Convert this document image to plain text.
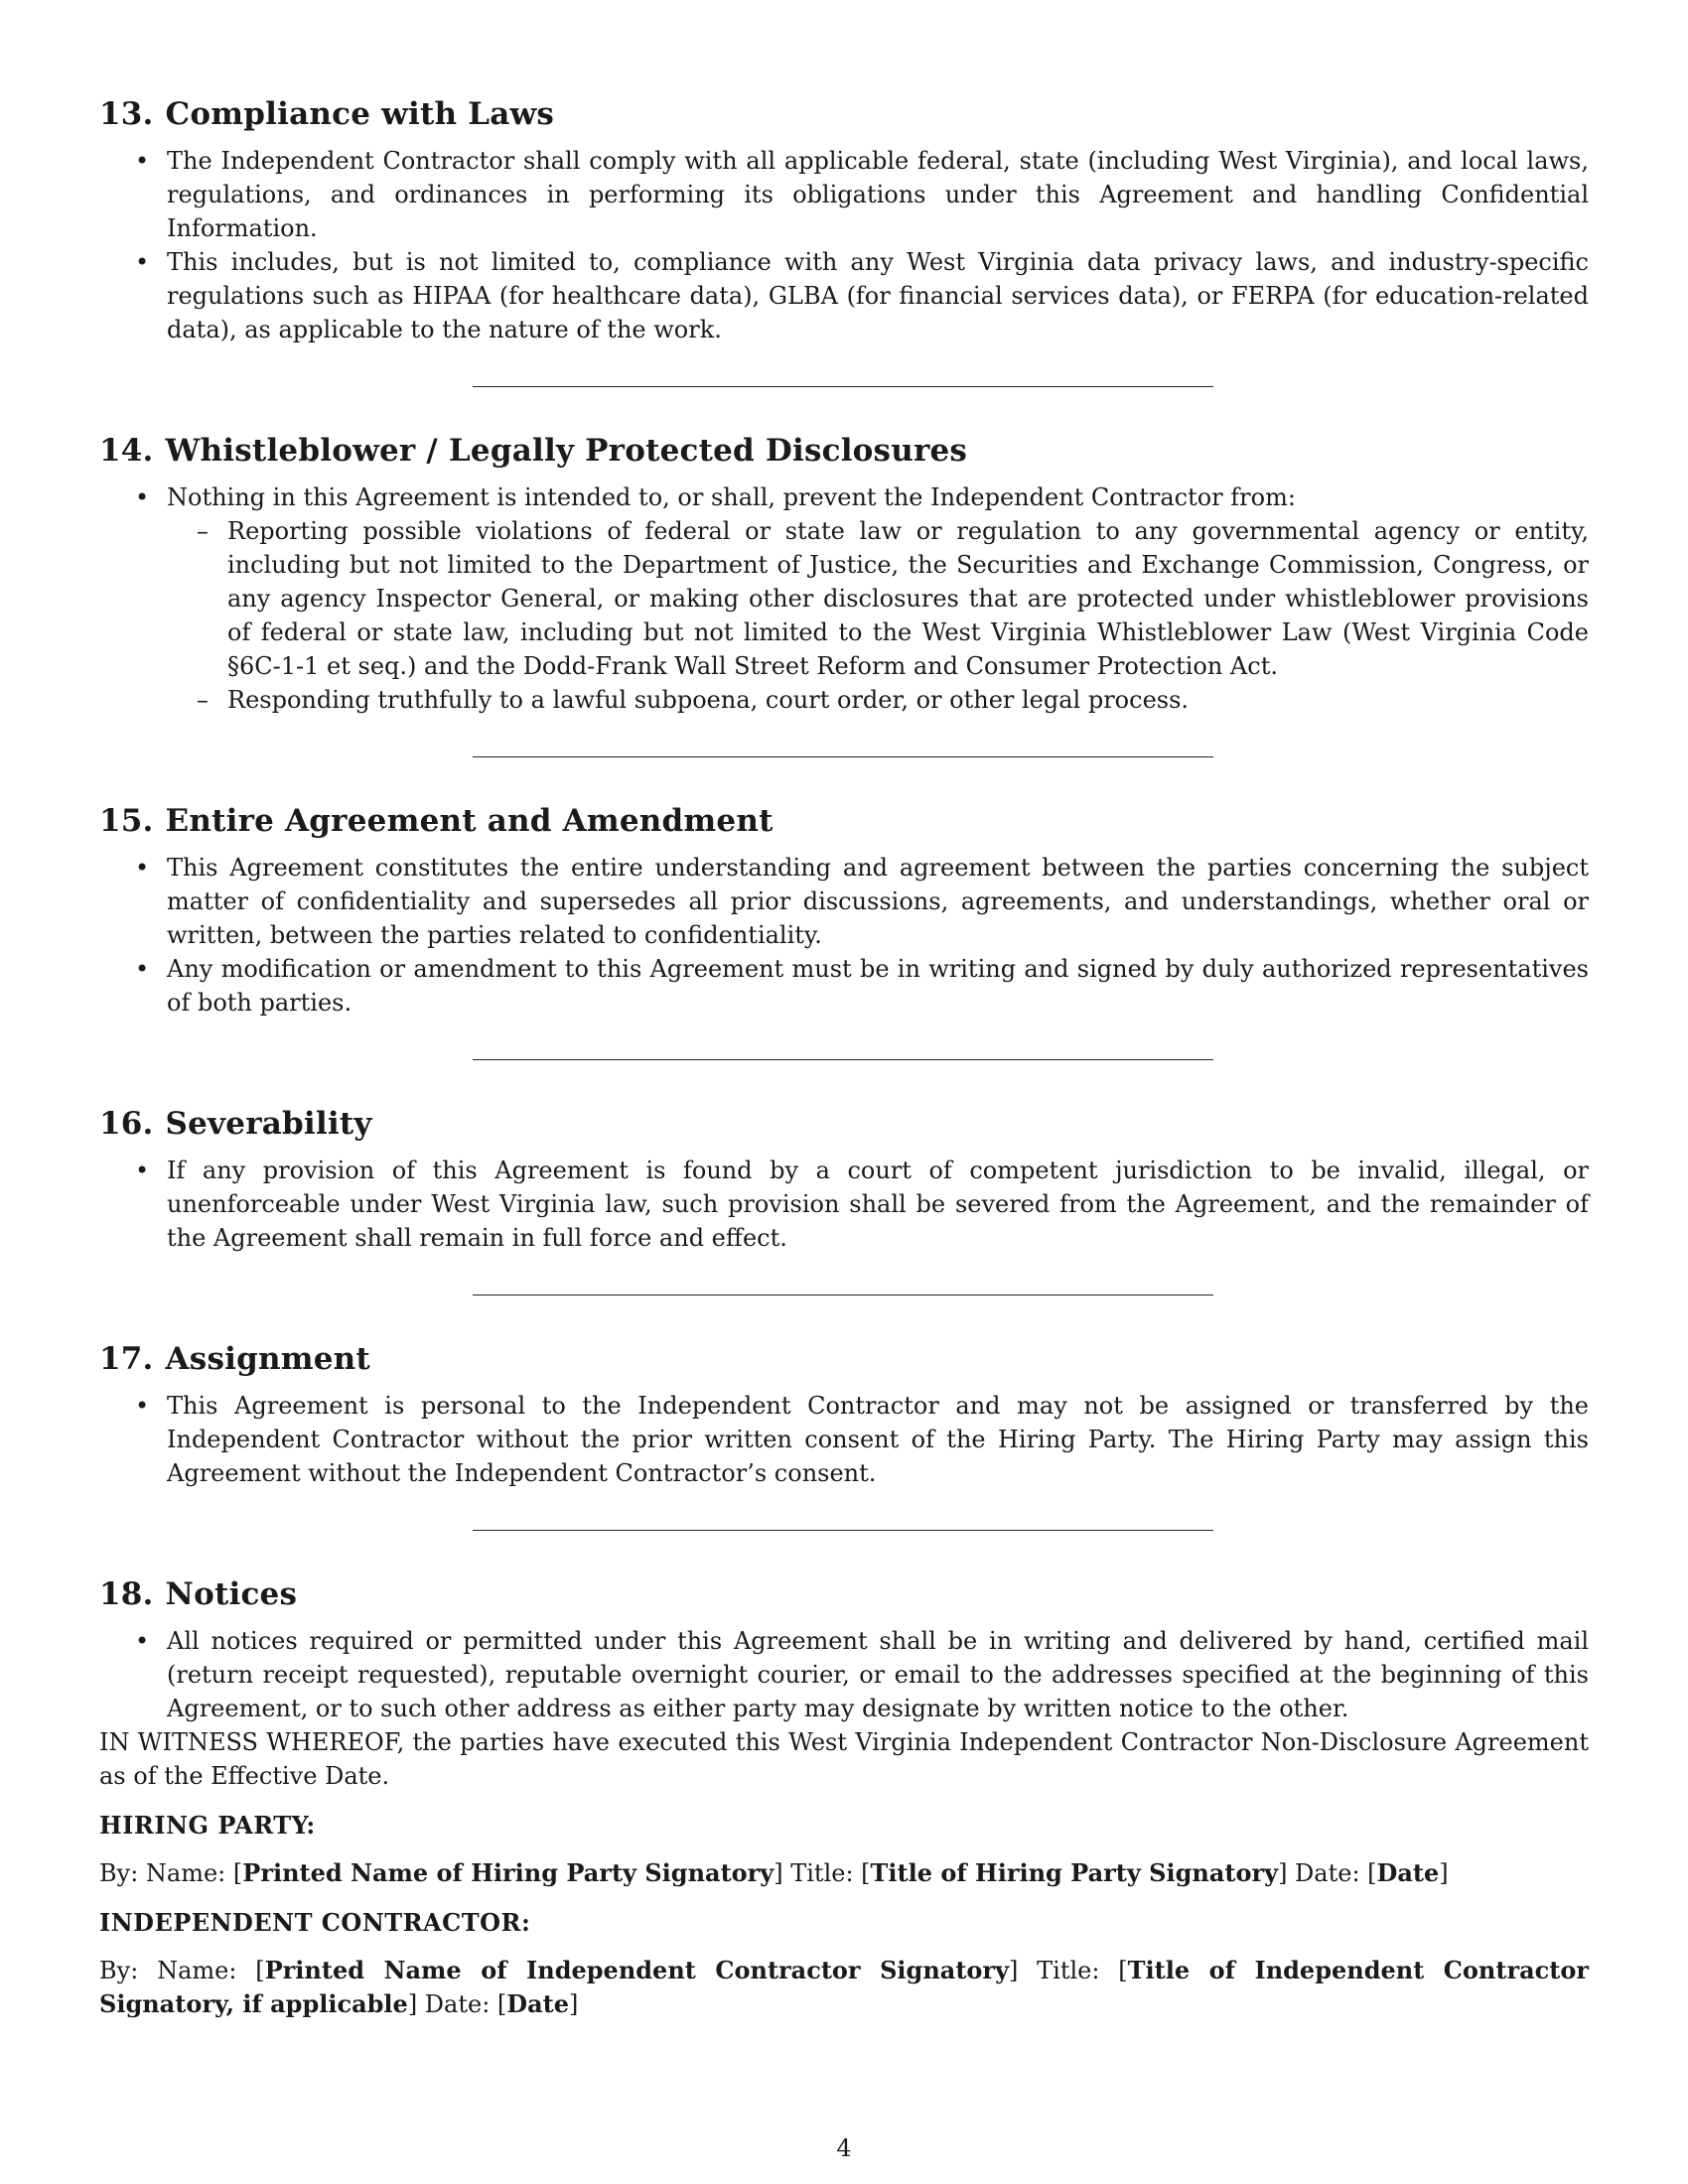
13. Compliance with Laws
• The Independent Contractor shall comply with all applicable federal, state (including West Virginia), and local laws, regulations, and ordinances in performing its obligations under this Agreement and handling Confidential Information.
• This includes, but is not limited to, compliance with any West Virginia data privacy laws, and industry-specific regulations such as HIPAA (for healthcare data), GLBA (for financial services data), or FERPA (for education-related data), as applicable to the nature of the work.
14. Whistleblower / Legally Protected Disclosures
• Nothing in this Agreement is intended to, or shall, prevent the Independent Contractor from:
– Reporting possible violations of federal or state law or regulation to any governmental agency or entity, including but not limited to the Department of Justice, the Securities and Exchange Commission, Congress, or any agency Inspector General, or making other disclosures that are protected under whistleblower provisions of federal or state law, including but not limited to the West Virginia Whistleblower Law (West Virginia Code §6C-1-1 et seq.) and the Dodd-Frank Wall Street Reform and Consumer Protection Act.
– Responding truthfully to a lawful subpoena, court order, or other legal process.
15. Entire Agreement and Amendment
• This Agreement constitutes the entire understanding and agreement between the parties concerning the subject matter of confidentiality and supersedes all prior discussions, agreements, and understandings, whether oral or written, between the parties related to confidentiality.
• Any modification or amendment to this Agreement must be in writing and signed by duly authorized representatives of both parties.
16. Severability
• If any provision of this Agreement is found by a court of competent jurisdiction to be invalid, illegal, or unenforceable under West Virginia law, such provision shall be severed from the Agreement, and the remainder of the Agreement shall remain in full force and effect.
17. Assignment
• This Agreement is personal to the Independent Contractor and may not be assigned or transferred by the Independent Contractor without the prior written consent of the Hiring Party. The Hiring Party may assign this Agreement without the Independent Contractor’s consent.
18. Notices
• All notices required or permitted under this Agreement shall be in writing and delivered by hand, certified mail (return receipt requested), reputable overnight courier, or email to the addresses specified at the beginning of this Agreement, or to such other address as either party may designate by written notice to the other.

IN WITNESS WHEREOF, the parties have executed this West Virginia Independent Contractor Non-Disclosure Agreement as of the Effective Date.

HIRING PARTY:
By: Name: [Printed Name of Hiring Party Signatory] Title: [Title of Hiring Party Signatory] Date: [Date]
INDEPENDENT CONTRACTOR:
By: Name: [Printed Name of Independent Contractor Signatory] Title: [Title of Independent Contractor Signatory, if applicable] Date: [Date]
4
